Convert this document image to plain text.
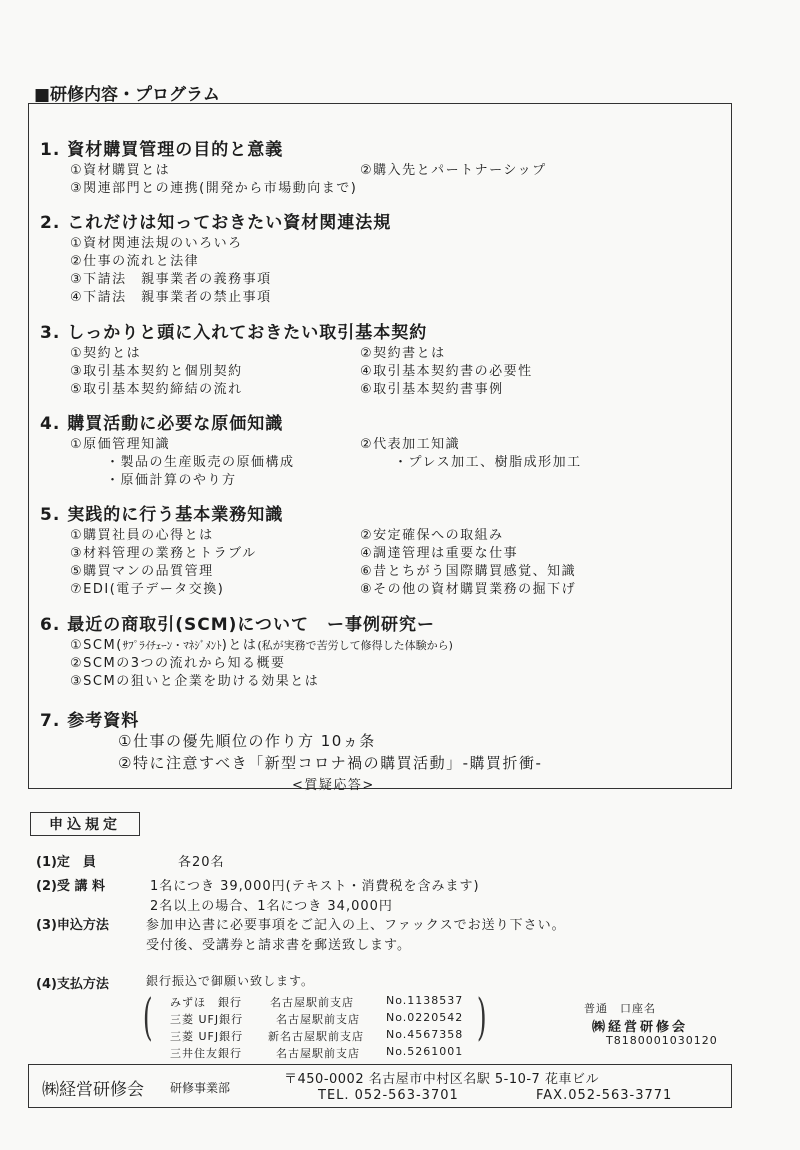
■研修内容・プログラム
1. 資材購買管理の目的と意義
①資材購買とは	②購入先とパートナーシップ
③関連部門との連携(開発から市場動向まで)
2. これだけは知っておきたい資材関連法規
①資材関連法規のいろいろ
②仕事の流れと法律
③下請法　親事業者の義務事項
④下請法　親事業者の禁止事項
3. しっかりと頭に入れておきたい取引基本契約
①契約とは	②契約書とは
③取引基本契約と個別契約	④取引基本契約書の必要性
⑤取引基本契約締結の流れ	⑥取引基本契約書事例
4. 購買活動に必要な原価知識
①原価管理知識	②代表加工知識
・製品の生産販売の原価構成	・プレス加工、樹脂成形加工
・原価計算のやり方
5. 実践的に行う基本業務知識
①購買社員の心得とは	②安定確保への取組み
③材料管理の業務とトラブル	④調達管理は重要な仕事
⑤購買マンの品質管理	⑥昔とちがう国際購買感覚、知識
⑦EDI(電子データ交換)	⑧その他の資材購買業務の掘下げ
6. 最近の商取引(SCM)について　ー事例研究ー
①SCM(ｻﾌﾟﾗｲﾁｪｰﾝ・ﾏﾈｼﾞﾒﾝﾄ)とは(私が実務で苦労して修得した体験から)
②SCMの3つの流れから知る概要
③SCMの狙いと企業を助ける効果とは
7. 参考資料
①仕事の優先順位の作り方 10ヵ条
②特に注意すべき「新型コロナ禍の購買活動」-購買折衝-
<質疑応答>
申込規定
(1)定　員	各20名
(2)受 講 料	1名につき 39,000円(テキスト・消費税を含みます)
2名以上の場合、1名につき 34,000円
(3)申込方法	参加申込書に必要事項をご記入の上、ファックスでお送り下さい。
受付後、受講券と請求書を郵送致します。
(4)支払方法	銀行振込で御願い致します。
(	)
みずほ　銀行	名古屋駅前支店	No.1138537
三菱 UFJ銀行	名古屋駅前支店 No.0220542
三菱 UFJ銀行 新名古屋駅前支店 No.4567358
三井住友銀行	名古屋駅前支店 No.5261001
普通　口座名
㈱経営研修会
T8180001030120
㈱経営研修会 研修事業部
〒450-0002 名古屋市中村区名駅 5-10-7 花車ビル
TEL. 052-563-3701	FAX.052-563-3771
